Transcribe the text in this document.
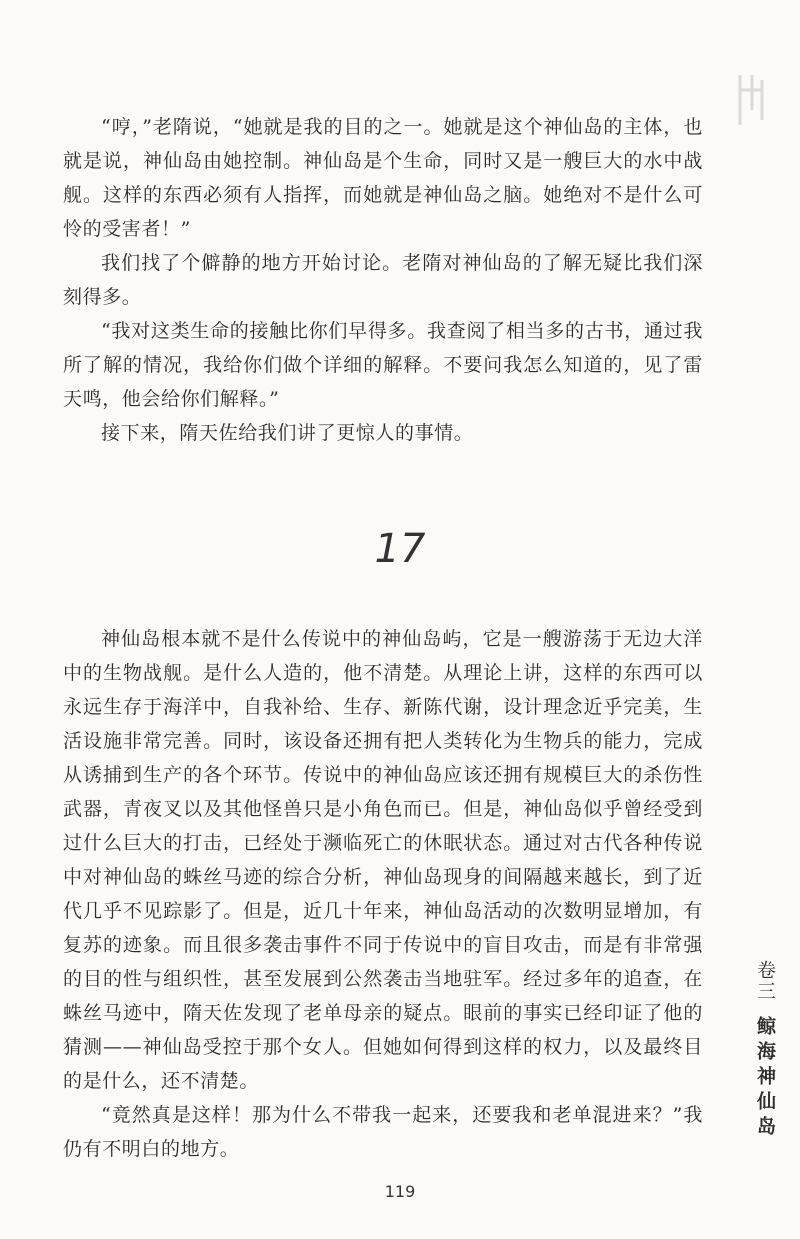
“哼，”老隋说，“她就是我的目的之一。她就是这个神仙岛的主体，也就是说，神仙岛由她控制。神仙岛是个生命，同时又是一艘巨大的水中战舰。这样的东西必须有人指挥，而她就是神仙岛之脑。她绝对不是什么可怜的受害者！”

我们找了个僻静的地方开始讨论。老隋对神仙岛的了解无疑比我们深刻得多。

“我对这类生命的接触比你们早得多。我查阅了相当多的古书，通过我所了解的情况，我给你们做个详细的解释。不要问我怎么知道的，见了雷天鸣，他会给你们解释。”

接下来，隋天佐给我们讲了更惊人的事情。

17

神仙岛根本就不是什么传说中的神仙岛屿，它是一艘游荡于无边大洋中的生物战舰。是什么人造的，他不清楚。从理论上讲，这样的东西可以永远生存于海洋中，自我补给、生存、新陈代谢，设计理念近乎完美，生活设施非常完善。同时，该设备还拥有把人类转化为生物兵的能力，完成从诱捕到生产的各个环节。传说中的神仙岛应该还拥有规模巨大的杀伤性武器，青夜叉以及其他怪兽只是小角色而已。但是，神仙岛似乎曾经受到过什么巨大的打击，已经处于濒临死亡的休眠状态。通过对古代各种传说中对神仙岛的蛛丝马迹的综合分析，神仙岛现身的间隔越来越长，到了近代几乎不见踪影了。但是，近几十年来，神仙岛活动的次数明显增加，有复苏的迹象。而且很多袭击事件不同于传说中的盲目攻击，而是有非常强的目的性与组织性，甚至发展到公然袭击当地驻军。经过多年的追查，在蛛丝马迹中，隋天佐发现了老单母亲的疑点。眼前的事实已经印证了他的猜测——神仙岛受控于那个女人。但她如何得到这样的权力，以及最终目的是什么，还不清楚。

“竟然真是这样！那为什么不带我一起来，还要我和老单混进来？”我仍有不明白的地方。

卷三
鲸海神仙岛
119
